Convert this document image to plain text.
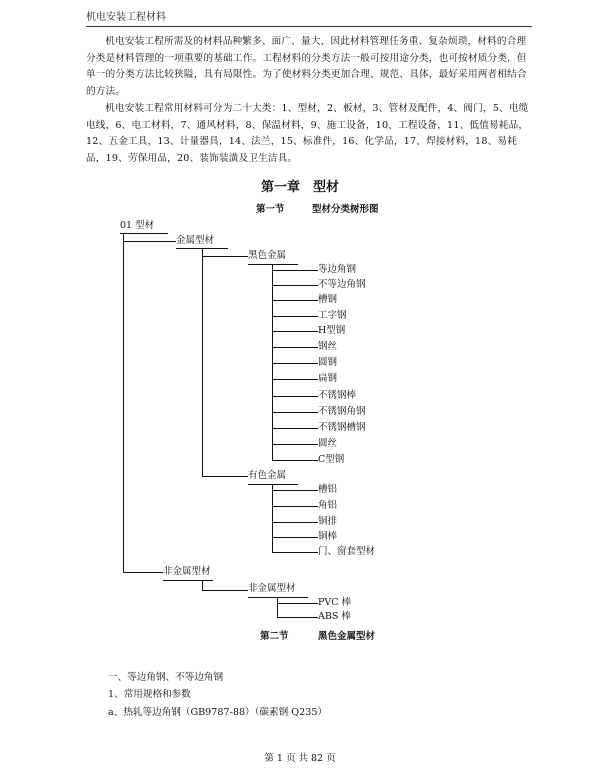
机电安装工程材料

机电安装工程所需及的材料品种繁多、面广、量大，因此材料管理任务重、复杂烦琐，材料的合理分类是材料管理的一项重要的基础工作。工程材料的分类方法一般可按用途分类，也可按材质分类，但单一的分类方法比较狭隘，具有局限性。为了使材料分类更加合理、规范、具体，最好采用两者相结合的方法。

机电安装工程常用材料可分为二十大类：1、型材，2、板材，3、管材及配件，4、阀门，5、电缆电线，6、电工材料，7、通风材料，8、保温材料，9、施工设备，10、工程设备，11、低值易耗品，12、五金工具，13、计量器具，14、法兰，15、标准件，16、化学品，17、焊接材料，18、易耗品，19、劳保用品，20、装饰装潢及卫生洁具。

第一章　型材
第一节	型材分类树形图
01 型材
金属型材
黑色金属
等边角钢
不等边角钢
槽钢
工字钢
H型钢
钢丝
圆钢
扁钢
不锈钢棒
不锈钢角钢
不锈钢槽钢
圆丝
C型钢
有色金属
槽铝
角铝
铜排
铜棒
门、窗套型材
非金属型材
非金属型材
PVC 棒
ABS 棒
第二节	黑色金属型材
一、等边角钢、不等边角钢
1、常用规格和参数
a、热轧等边角钢（GB9787-88）（碳素钢 Q235）
第 1 页 共 82 页
